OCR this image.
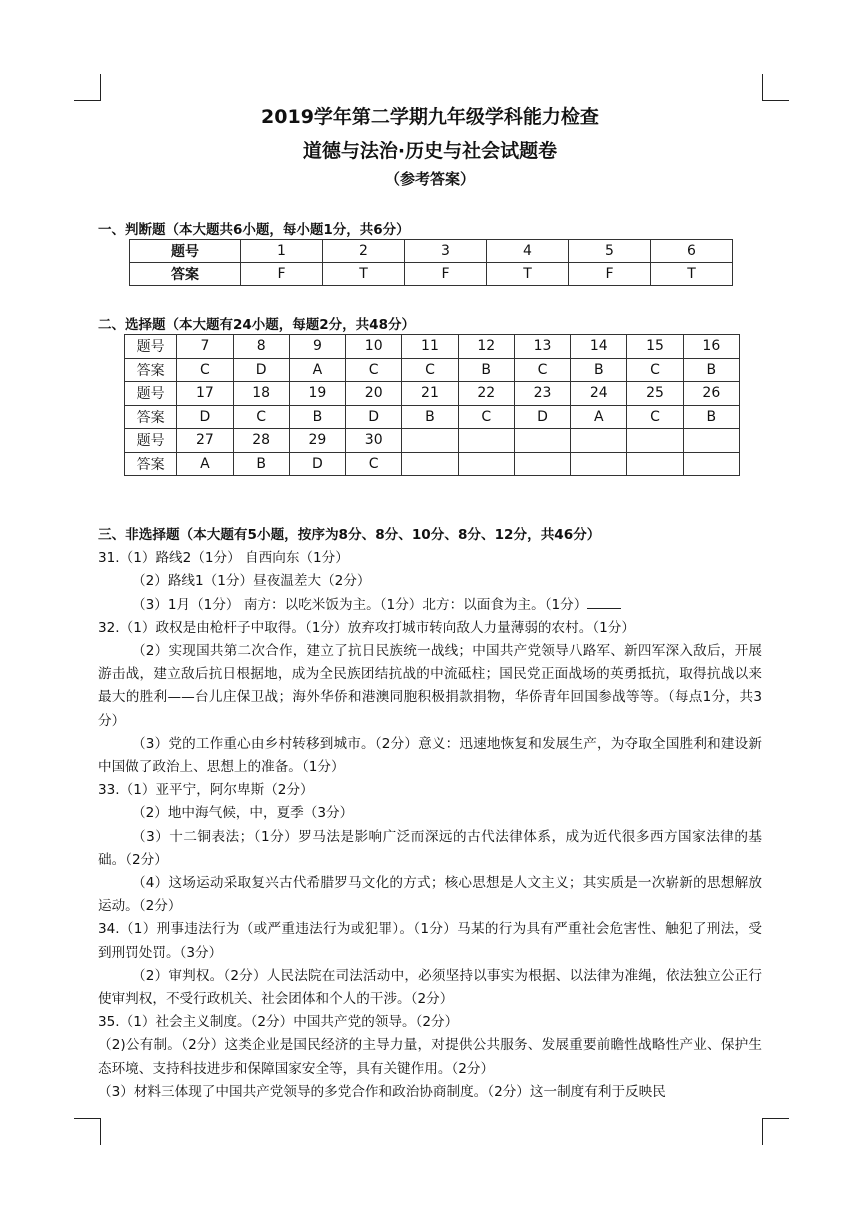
2019学年第二学期九年级学科能力检查
道德与法治·历史与社会试题卷
（参考答案）
一、判断题（本大题共6小题，每小题1分，共6分）
题号	1	2	3	4	5	6
答案	F	T	F	T	F	T
二、选择题（本大题有24小题，每题2分，共48分）
题号	7	8	9	10	11	12	13	14	15	16
答案	C	D	A	C	C	B	C	B	C	B
题号	17	18	19	20	21	22	23	24	25	26
答案	D	C	B	D	B	C	D	A	C	B
题号	27	28	29	30						
答案	A	B	D	C						

三、非选择题（本大题有5小题，按序为8分、8分、10分、8分、12分，共46分）

31.（1）路线2（1分） 自西向东（1分）

（2）路线1（1分）昼夜温差大（2分）

（3）1月（1分） 南方：以吃米饭为主。（1分）北方：以面食为主。（1分）

32.（1）政权是由枪杆子中取得。（1分）放弃攻打城市转向敌人力量薄弱的农村。（1分）

（2）实现国共第二次合作，建立了抗日民族统一战线；中国共产党领导八路军、新四军深入敌后，开展游击战，建立敌后抗日根据地，成为全民族团结抗战的中流砥柱；国民党正面战场的英勇抵抗，取得抗战以来最大的胜利——台儿庄保卫战；海外华侨和港澳同胞积极捐款捐物，华侨青年回国参战等等。（每点1分，共3分）

（3）党的工作重心由乡村转移到城市。（2分）意义：迅速地恢复和发展生产，为夺取全国胜利和建设新中国做了政治上、思想上的准备。（1分）

33.（1）亚平宁，阿尔卑斯（2分）

（2）地中海气候，中，夏季（3分）

（3）十二铜表法；（1分）罗马法是影响广泛而深远的古代法律体系，成为近代很多西方国家法律的基础。（2分）

（4）这场运动采取复兴古代希腊罗马文化的方式；核心思想是人文主义；其实质是一次崭新的思想解放运动。（2分）

34.（1）刑事违法行为（或严重违法行为或犯罪）。（1分）马某的行为具有严重社会危害性、触犯了刑法，受到刑罚处罚。（3分）

（2）审判权。（2分）人民法院在司法活动中，必须坚持以事实为根据、以法律为准绳，依法独立公正行使审判权，不受行政机关、社会团体和个人的干涉。（2分）

35.（1）社会主义制度。（2分）中国共产党的领导。（2分）

（2)公有制。（2分）这类企业是国民经济的主导力量，对提供公共服务、发展重要前瞻性战略性产业、保护生态环境、支持科技进步和保障国家安全等，具有关键作用。（2分）

（3）材料三体现了中国共产党领导的多党合作和政治协商制度。（2分）这一制度有利于反映民
